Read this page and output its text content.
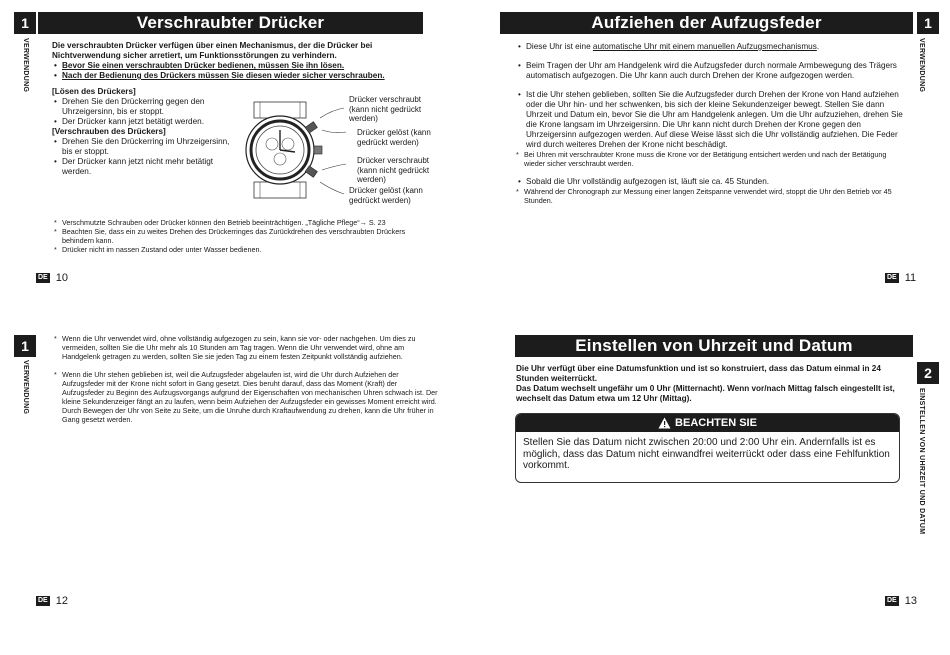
1	Verschraubter Drücker
VERWENDUNG	Die verschraubten Drücker verfügen über einen Mechanismus, der die Drücker bei Nichtverwendung sicher arretiert, um Funktionsstörungen zu verhindern.
• Bevor Sie einen verschraubten Drücker bedienen, müssen Sie ihn lösen.
• Nach der Bedienung des Drückers müssen Sie diesen wieder sicher verschrauben.
[Lösen des Drückers]
• Drehen Sie den Drückerring gegen den Uhrzeigersinn, bis er stoppt.
• Der Drücker kann jetzt betätigt werden.
[Verschrauben des Drückers]
• Drehen Sie den Drückerring im Uhrzeigersinn, bis er stoppt.
• Der Drücker kann jetzt nicht mehr betätigt werden.
Drücker verschraubt (kann nicht gedrückt werden)
Drücker gelöst (kann gedrückt werden)
Drücker verschraubt (kann nicht gedrückt werden)
Drücker gelöst (kann gedrückt werden)
* Verschmutzte Schrauben oder Drücker können den Betrieb beeinträchtigen. „Tägliche Pflege“→ S. 23
* Beachten Sie, dass ein zu weites Drehen des Drückerringes das Zurückdrehen des verschraubten Drückers behindern kann.
* Drücker nicht im nassen Zustand oder unter Wasser bedienen.
DE 10
Aufziehen der Aufzugsfeder	1
VERWENDUNG
• Diese Uhr ist eine automatische Uhr mit einem manuellen Aufzugsmechanismus.
• Beim Tragen der Uhr am Handgelenk wird die Aufzugsfeder durch normale Armbewegung des Trägers automatisch aufgezogen. Die Uhr kann auch durch Drehen der Krone aufgezogen werden.
• Ist die Uhr stehen geblieben, sollten Sie die Aufzugsfeder durch Drehen der Krone von Hand aufziehen oder die Uhr hin- und her schwenken, bis sich der kleine Sekundenzeiger bewegt. Stellen Sie dann Uhrzeit und Datum ein, bevor Sie die Uhr am Handgelenk anlegen. Um die Uhr aufzuziehen, drehen Sie die Krone langsam im Uhrzeigersinn. Die Uhr kann nicht durch Drehen der Krone gegen den Uhrzeigersinn aufgezogen werden. Auf diese Weise lässt sich die Uhr vollständig aufziehen. Die Feder wird durch weiteres Drehen der Krone nicht beschädigt.
* Bei Uhren mit verschraubter Krone muss die Krone vor der Betätigung entsichert werden und nach der Betätigung wieder sicher verschraubt werden.
• Sobald die Uhr vollständig aufgezogen ist, läuft sie ca. 45 Stunden.
* Während der Chronograph zur Messung einer langen Zeitspanne verwendet wird, stoppt die Uhr den Betrieb vor 45 Stunden.
DE 11
1
VERWENDUNG
* Wenn die Uhr verwendet wird, ohne vollständig aufgezogen zu sein, kann sie vor- oder nachgehen. Um dies zu vermeiden, sollten Sie die Uhr mehr als 10 Stunden am Tag tragen. Wenn die Uhr verwendet wird, ohne am Handgelenk getragen zu werden, sollten Sie sie jeden Tag zu einem festen Zeitpunkt vollständig aufziehen.
* Wenn die Uhr stehen geblieben ist, weil die Aufzugsfeder abgelaufen ist, wird die Uhr durch Aufziehen der Aufzugsfeder mit der Krone nicht sofort in Gang gesetzt. Dies beruht darauf, dass das Moment (Kraft) der Aufzugsfeder zu Beginn des Aufzugsvorgangs aufgrund der Eigenschaften von mechanischen Uhren schwach ist. Der kleine Sekundenzeiger fängt an zu laufen, wenn beim Aufziehen der Aufzugsfeder ein gewisses Moment erreicht wird. Durch Bewegen der Uhr von Seite zu Seite, um die Unruhe durch Kraftaufwendung zu drehen, kann die Uhr früher in Gang gesetzt werden.
DE 12
Einstellen von Uhrzeit und Datum
2
EINSTELLEN VON UHRZEIT UND DATUM
Die Uhr verfügt über eine Datumsfunktion und ist so konstruiert, dass das Datum einmal in 24 Stunden weiterrückt.
Das Datum wechselt ungefähr um 0 Uhr (Mitternacht). Wenn vor/nach Mittag falsch eingestellt ist, wechselt das Datum etwa um 12 Uhr (Mittag).
BEACHTEN SIE
Stellen Sie das Datum nicht zwischen 20:00 und 2:00 Uhr ein. Andernfalls ist es möglich, dass das Datum nicht einwandfrei weiterrückt oder dass eine Fehlfunktion vorkommt.
DE 13
